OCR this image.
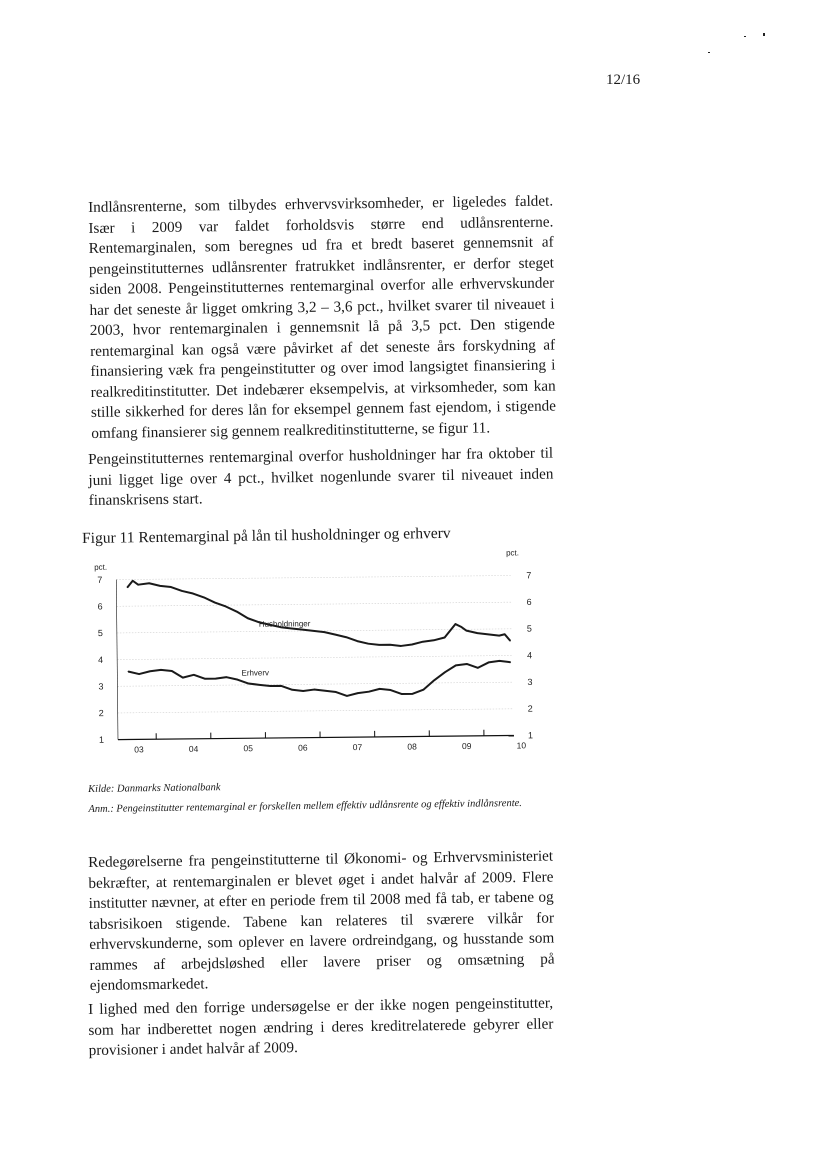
12/16

Indlånsrenterne, som tilbydes erhvervsvirksomheder, er ligeledes faldet. Især i 2009 var faldet forholdsvis større end udlånsrenterne. Rentemarginalen, som beregnes ud fra et bredt baseret gennemsnit af pengeinstitutternes udlånsrenter fratrukket indlånsrenter, er derfor steget siden 2008. Pengeinstitutternes rentemarginal overfor alle erhvervskunder har det seneste år ligget omkring 3,2 – 3,6 pct., hvilket svarer til niveauet i 2003, hvor rentemarginalen i gennemsnit lå på 3,5 pct. Den stigende rentemarginal kan også være påvirket af det seneste års forskydning af finansiering væk fra pengeinstitutter og over imod langsigtet finansiering i realkreditinstitutter. Det indebærer eksempelvis, at virksomheder, som kan stille sikkerhed for deres lån for eksempel gennem fast ejendom, i stigende omfang finansierer sig gennem realkreditinstitutterne, se figur 11.

Pengeinstitutternes rentemarginal overfor husholdninger har fra oktober til juni ligget lige over 4 pct., hvilket nogenlunde svarer til niveauet inden finanskrisens start.

Figur 11 Rentemarginal på lån til husholdninger og erhverv
1	1
2	2
3	3
4	4
5	5
6	6
7	7
pct.
pct.
03	04	05	06	07	08	09	10
Husholdninger
Erhverv
Kilde: Danmarks Nationalbank
Anm.: Pengeinstitutter rentemarginal er forskellen mellem effektiv udlånsrente og effektiv indlånsrente.

Redegørelserne fra pengeinstitutterne til Økonomi- og Erhvervsministeriet bekræfter, at rentemarginalen er blevet øget i andet halvår af 2009. Flere institutter nævner, at efter en periode frem til 2008 med få tab, er tabene og tabsrisikoen stigende. Tabene kan relateres til sværere vilkår for erhvervskunderne, som oplever en lavere ordreindgang, og husstande som rammes af arbejdsløshed eller lavere priser og omsætning på ejendomsmarkedet.

I lighed med den forrige undersøgelse er der ikke nogen pengeinstitutter, som har indberettet nogen ændring i deres kreditrelaterede gebyrer eller provisioner i andet halvår af 2009.
